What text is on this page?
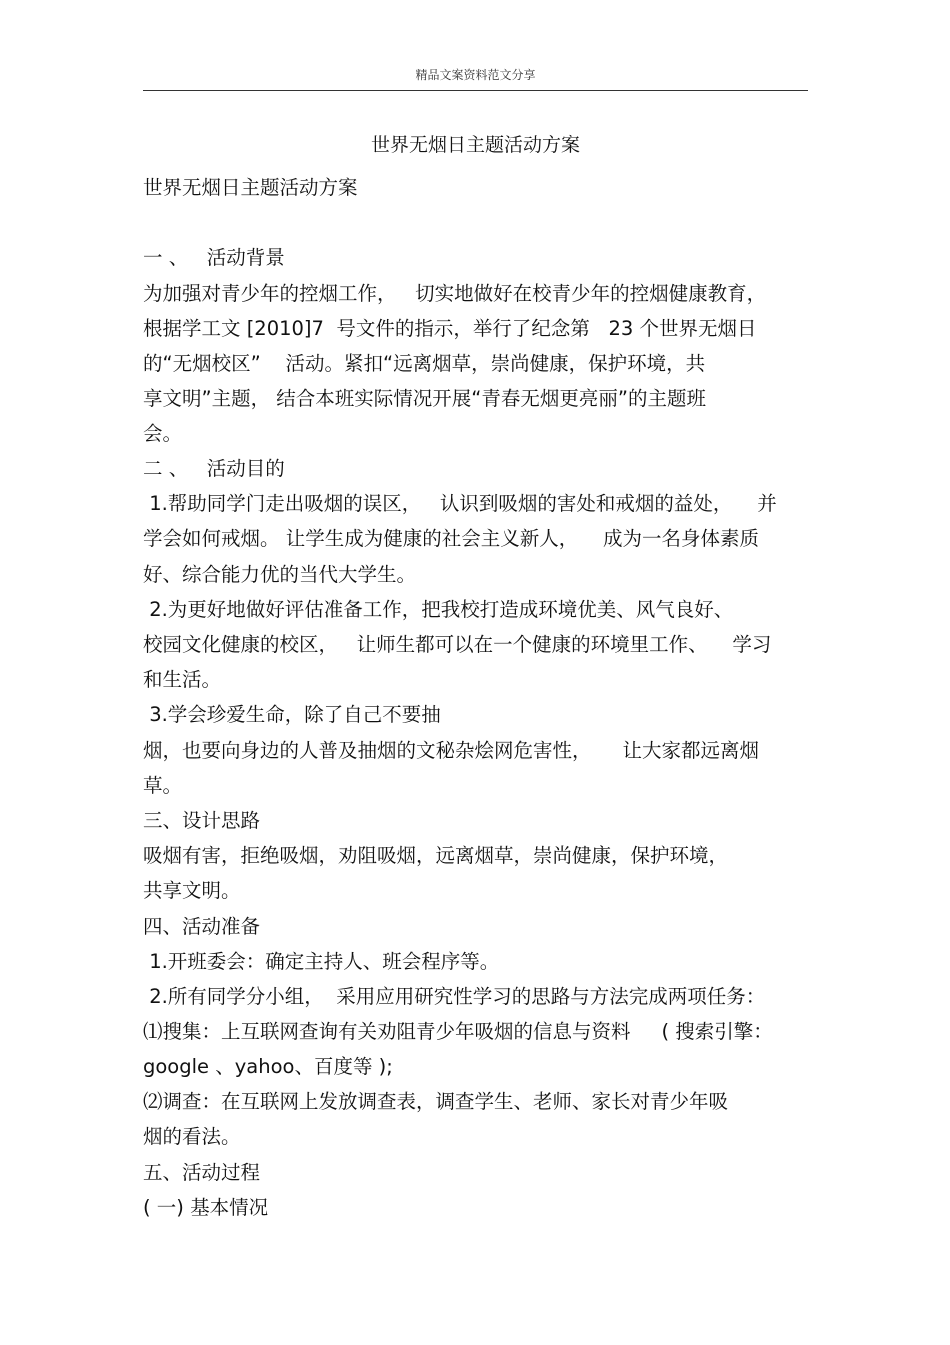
精品文案资料范文分享
世界无烟日主题活动方案
世界无烟日主题活动方案
一 、   活动背景
为加强对青少年的控烟工作，   切实地做好在校青少年的控烟健康教育，
根据学工文 [2010]7  号文件的指示，举行了纪念第   23 个世界无烟日
的“无烟校区”    活动。紧扣“远离烟草，崇尚健康，保护环境，共
享文明”主题， 结合本班实际情况开展“青春无烟更亮丽”的主题班
会。
二 、   活动目的
1.帮助同学门走出吸烟的误区，   认识到吸烟的害处和戒烟的益处，    并
学会如何戒烟。 让学生成为健康的社会主义新人，    成为一名身体素质
好、综合能力优的当代大学生。
2.为更好地做好评估准备工作，把我校打造成环境优美、风气良好、
校园文化健康的校区，   让师生都可以在一个健康的环境里工作、    学习
和生活。
3.学会珍爱生命，除了自己不要抽
烟，也要向身边的人普及抽烟的文秘杂烩网危害性，     让大家都远离烟
草。
三、设计思路
吸烟有害，拒绝吸烟，劝阻吸烟，远离烟草，崇尚健康，保护环境，
共享文明。
四、活动准备
1.开班委会：确定主持人、班会程序等。
2.所有同学分小组，  采用应用研究性学习的思路与方法完成两项任务：
⑴搜集：上互联网查询有关劝阻青少年吸烟的信息与资料     ( 搜索引擎：
google 、yahoo、百度等 );
⑵调查：在互联网上发放调查表，调查学生、老师、家长对青少年吸
烟的看法。
五、活动过程
( 一) 基本情况
